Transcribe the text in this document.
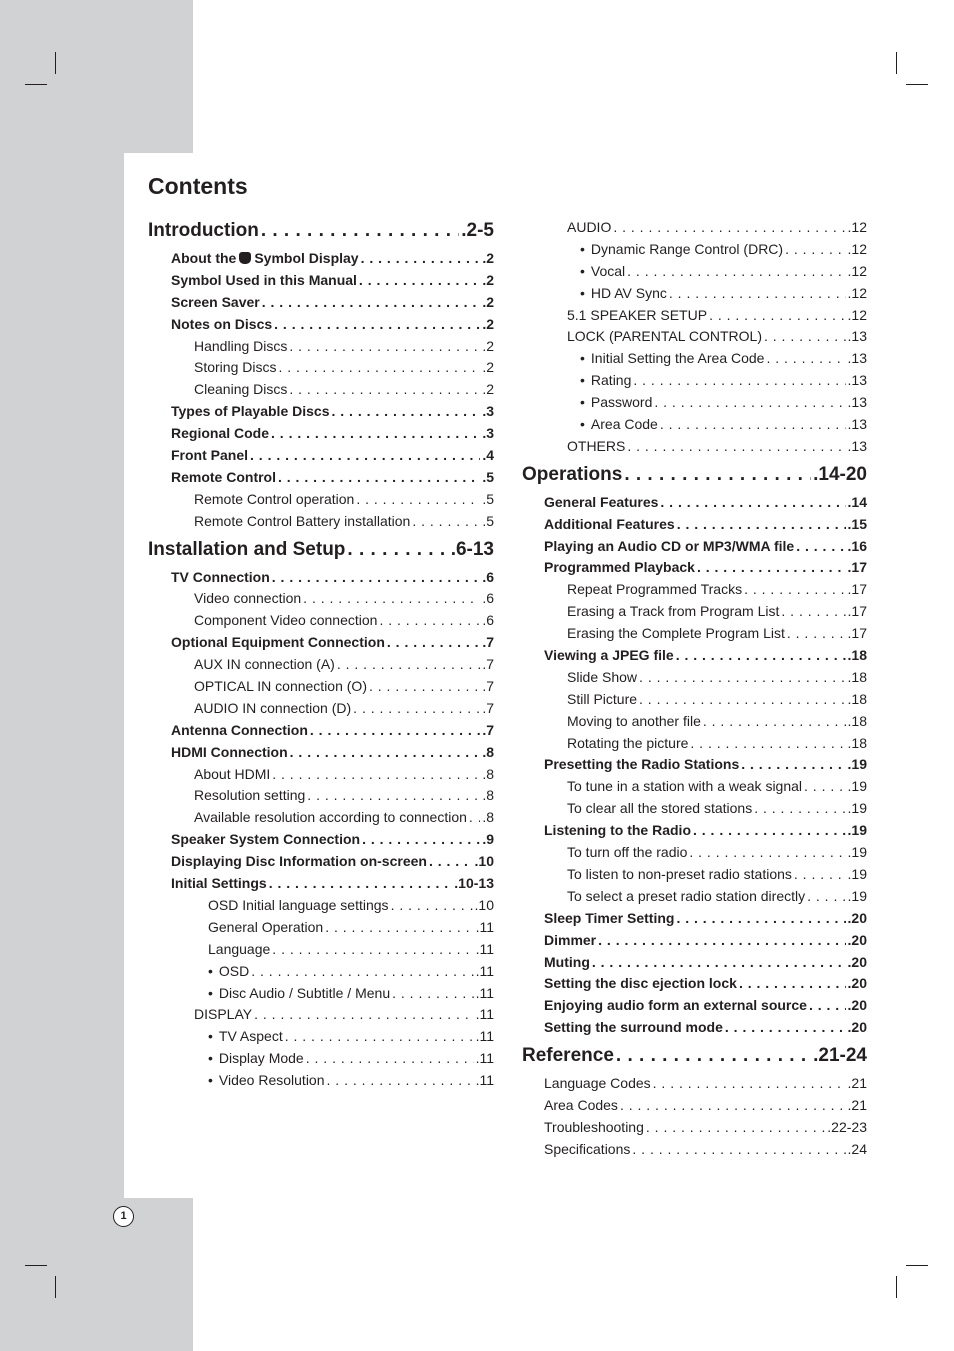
Contents
Introduction . . .	.2-5
About the Symbol Display . . .	.2
Symbol Used in this Manual . . .	.2
Screen Saver . . .	.2
Notes on Discs . . .	.2
Handling Discs . . .	.2
Storing Discs . . .	.2
Cleaning Discs . . .	.2
Types of Playable Discs . . .	.3
Regional Code . . .	.3
Front Panel . . .	.4
Remote Control . . .	.5
Remote Control operation . . .	.5
Remote Control Battery installation . . .	.5
Installation and Setup . . .	.6-13
TV Connection . . .	.6
Video connection . . .	.6
Component Video connection . . .	.6
Optional Equipment Connection . . .	.7
AUX IN connection (A) . . .	.7
OPTICAL IN connection (O) . . .	.7
AUDIO IN connection (D) . . .	.7
Antenna Connection . . .	.7
HDMI Connection . . .	.8
About HDMI . . .	.8
Resolution setting . . .	.8
Available resolution according to connection . . . .8
Speaker System Connection . . .	.9
Displaying Disc Information on-screen . . .	.10
Initial Settings . . .	.10-13
OSD Initial language settings . . .	.10
General Operation . . .	.11
Language . . .	.11
• OSD . . .	.11
• Disc Audio / Subtitle / Menu . . .	.11
DISPLAY . . .	.11
• TV Aspect . . .	.11
• Display Mode . . .	.11
• Video Resolution . . .	.11
AUDIO . . .	.12
• Dynamic Range Control (DRC) . . .	.12
• Vocal . . .	.12
• HD AV Sync . . .	.12
5.1 SPEAKER SETUP . . .	.12
LOCK (PARENTAL CONTROL) . . .	.13
• Initial Setting the Area Code . . .	.13
• Rating . . .	.13
• Password . . .	.13
• Area Code . . .	.13
OTHERS . . .	.13
Operations . . .	.14-20
General Features . . .	.14
Additional Features . . .	.15
Playing an Audio CD or MP3/WMA file . . .	.16
Programmed Playback . . .	.17
Repeat Programmed Tracks . . .	.17
Erasing a Track from Program List . . .	.17
Erasing the Complete Program List . . .	.17
Viewing a JPEG file . . .	.18
Slide Show . . .	.18
Still Picture . . .	.18
Moving to another file . . .	.18
Rotating the picture . . .	.18
Presetting the Radio Stations . . .	.19
To tune in a station with a weak signal . . .	.19
To clear all the stored stations . . .	.19
Listening to the Radio . . .	.19
To turn off the radio . . .	.19
To listen to non-preset radio stations . . .	.19
To select a preset radio station directly . . .	.19
Sleep Timer Setting . . .	.20
Dimmer . . .	.20
Muting . . .	.20
Setting the disc ejection lock . . .	.20
Enjoying audio form an external source . . .	.20
Setting the surround mode . . .	.20
Reference . . .	.21-24
Language Codes . . .	.21
Area Codes . . .	.21
Troubleshooting . . .	.22-23
Specifications . . .	.24
1
